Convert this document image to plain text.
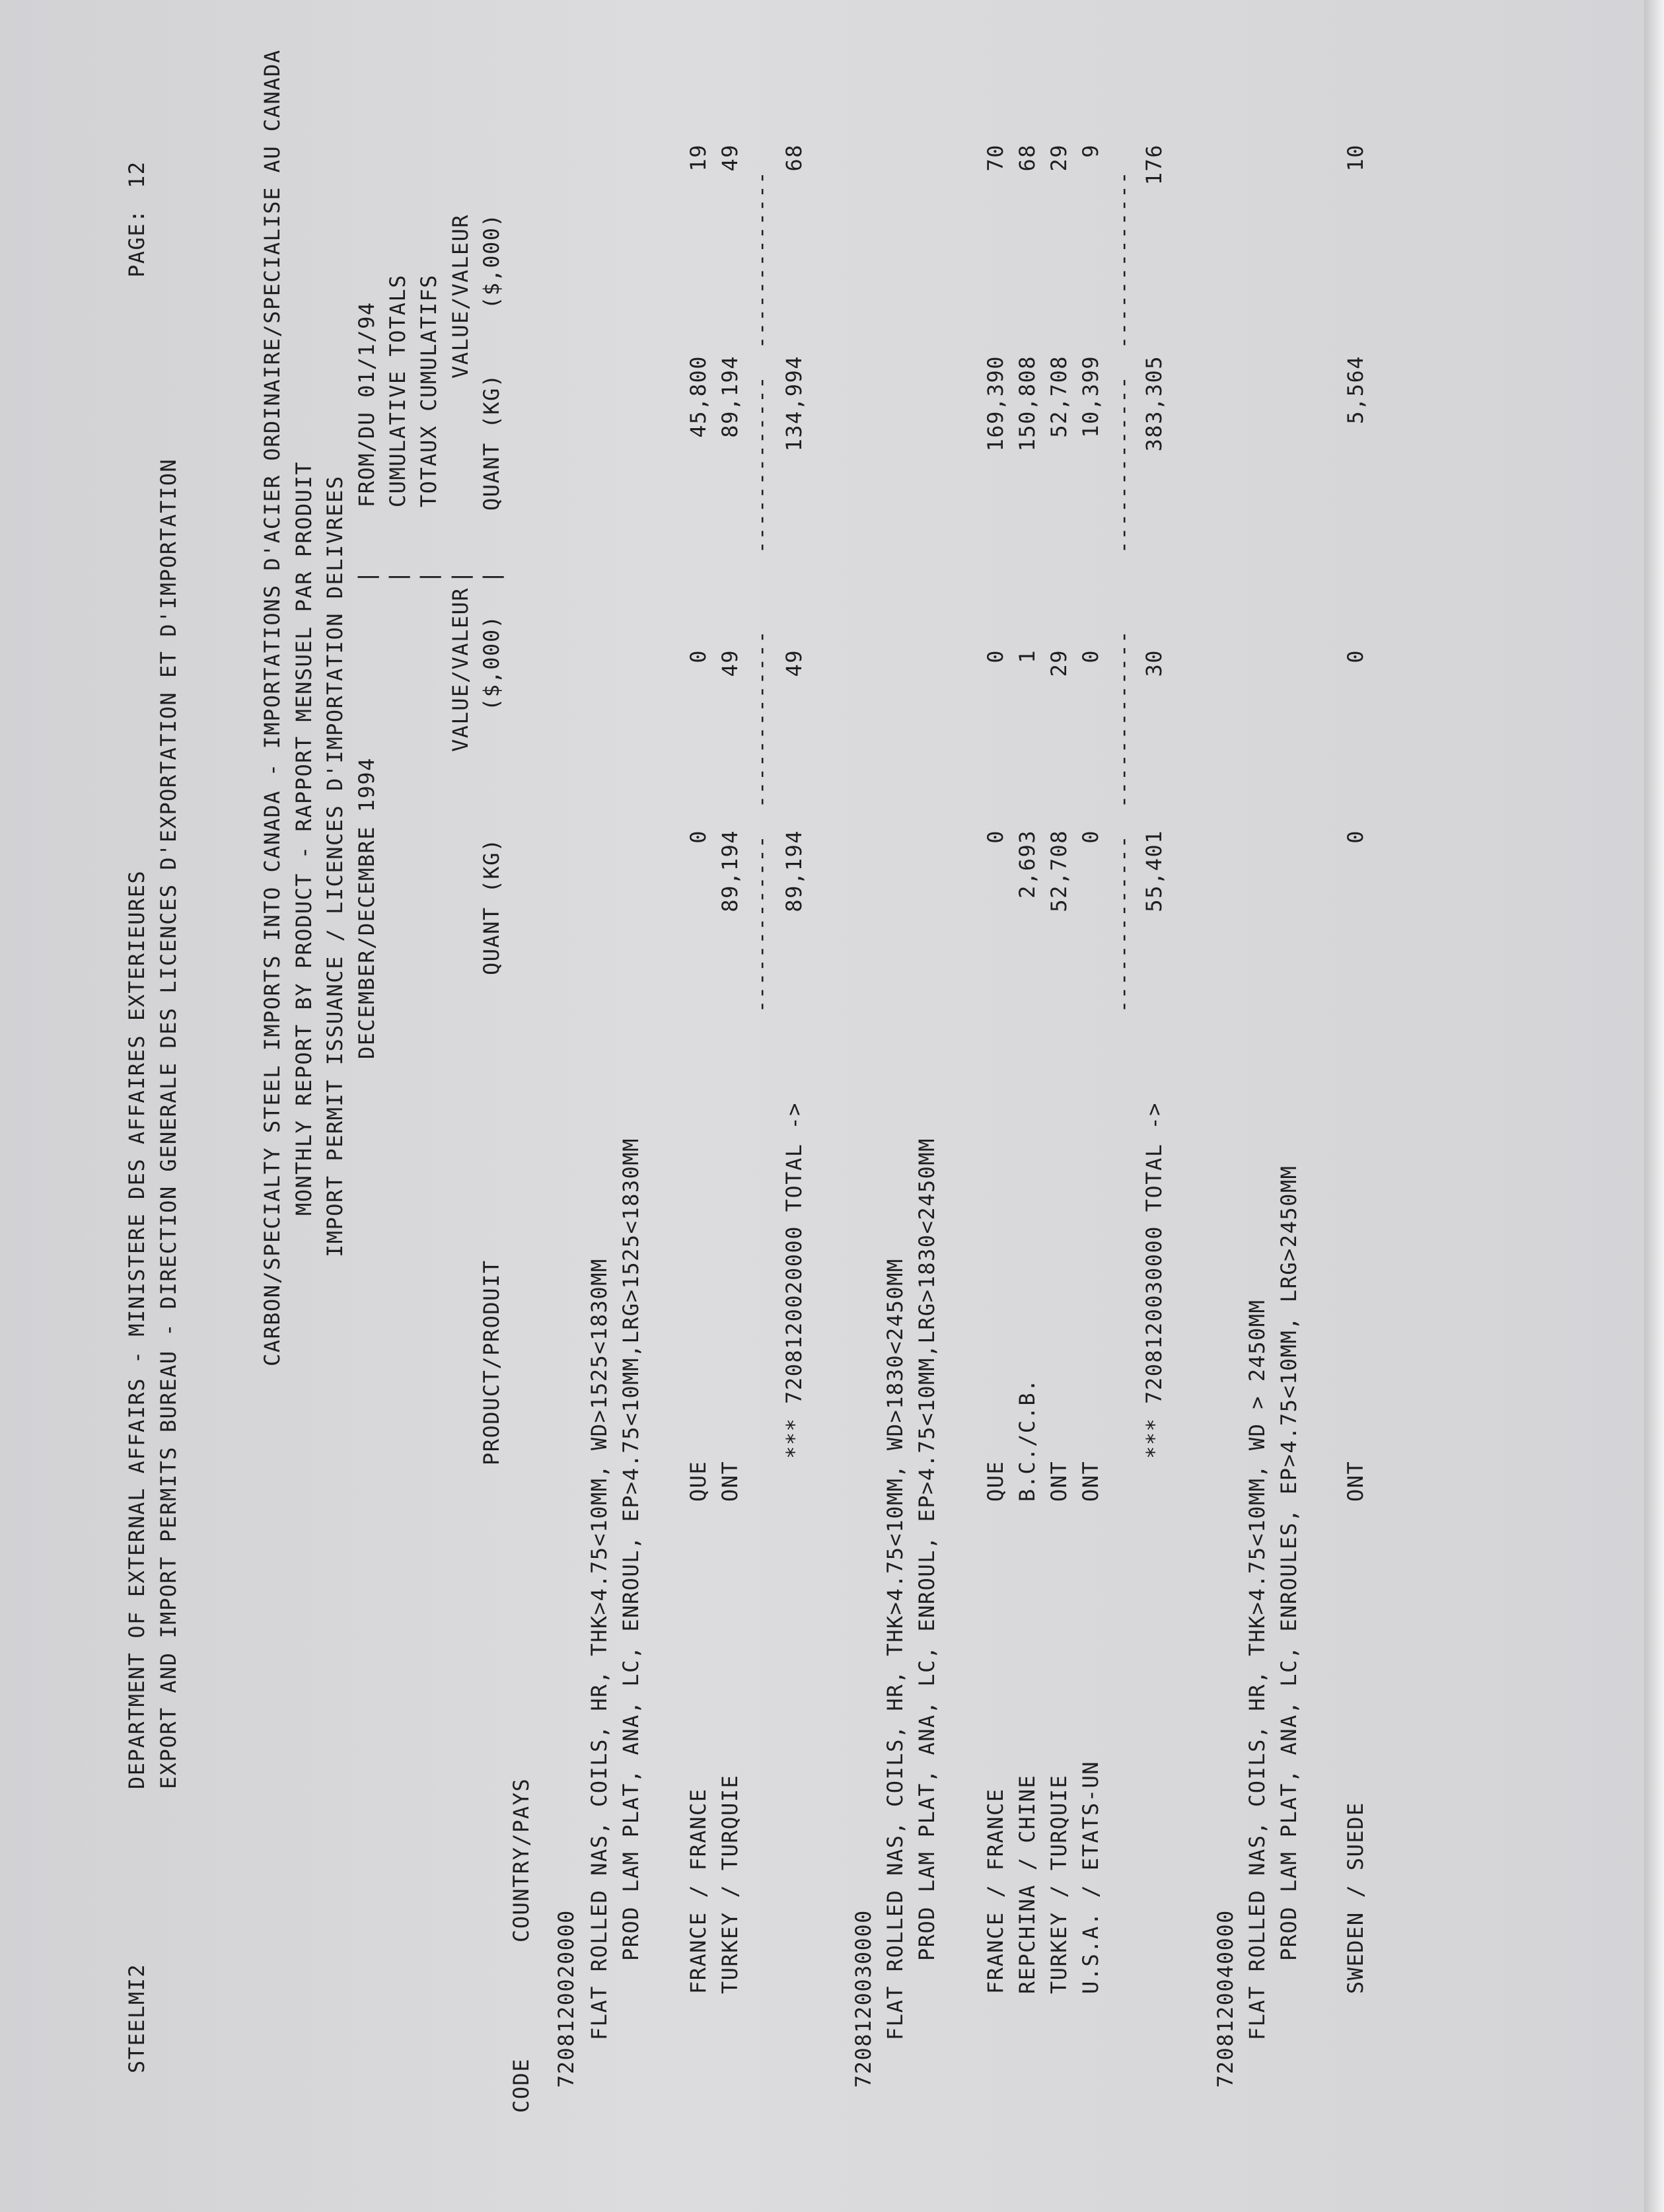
STEELMI2
DEPARTMENT OF EXTERNAL AFFAIRS - MINISTERE DES AFFAIRES EXTERIEURES
PAGE:
12
EXPORT AND IMPORT PERMITS BUREAU - DIRECTION GENERALE DES LICENCES D'EXPORTATION ET D'IMPORTATION	CARBON/SPECIALTY STEEL IMPORTS INTO CANADA - IMPORTATIONS D'ACIER ORDINAIRE/SPECIALISE AU CANADA MONTHLY REPORT BY PRODUCT - RAPPORT MENSUEL PAR PRODUIT IMPORT PERMIT ISSUANCE / LICENCES D'IMPORTATION DELIVREES DECEMBER/DECEMBRE 1994
| | | | |
FROM/DU 01/1/94 CUMULATIVE TOTALS TOTAUX CUMULATIFS
VALUE/VALEUR
VALUE/VALEUR
PRODUCT/PRODUIT
QUANT (KG)
($,000)
QUANT (KG)
($,000)
CODE
COUNTRY/PAYS
7208120020000 FLAT ROLLED NAS, COILS, HR, THK>4.75<10MM, WD>1525<1830MM PROD LAM PLAT, ANA, LC, ENROUL, EP>4.75<10MM,LRG>1525<1830MM FRANCE / FRANCE
QUE
0
0
45,800
19
TURKEY / TURQUIE
ONT
89,194
49
89,194
49
-------------
-------------
-------------
-------------
*** 7208120020000 TOTAL ->
89,194
49
134,994
68
7208120030000 FLAT ROLLED NAS, COILS, HR, THK>4.75<10MM, WD>1830<2450MM PROD LAM PLAT, ANA, LC, ENROUL, EP>4.75<10MM,LRG>1830<2450MM FRANCE / FRANCE
QUE
0
0
169,390
70
REPCHINA / CHINE
B.C./C.B.
2,693
1
150,808
68
TURKEY / TURQUIE
ONT
52,708
29
52,708
29
U.S.A. / ETATS-UN
ONT
0
0
10,399
9
-------------
-------------
-------------
-------------
*** 7208120030000 TOTAL ->
55,401
30
383,305
176
7208120040000 FLAT ROLLED NAS, COILS, HR, THK>4.75<10MM, WD > 2450MM PROD LAM PLAT, ANA, LC, ENROULES, EP>4.75<10MM, LRG>2450MM SWEDEN / SUEDE
ONT
0
0
5,564
10
